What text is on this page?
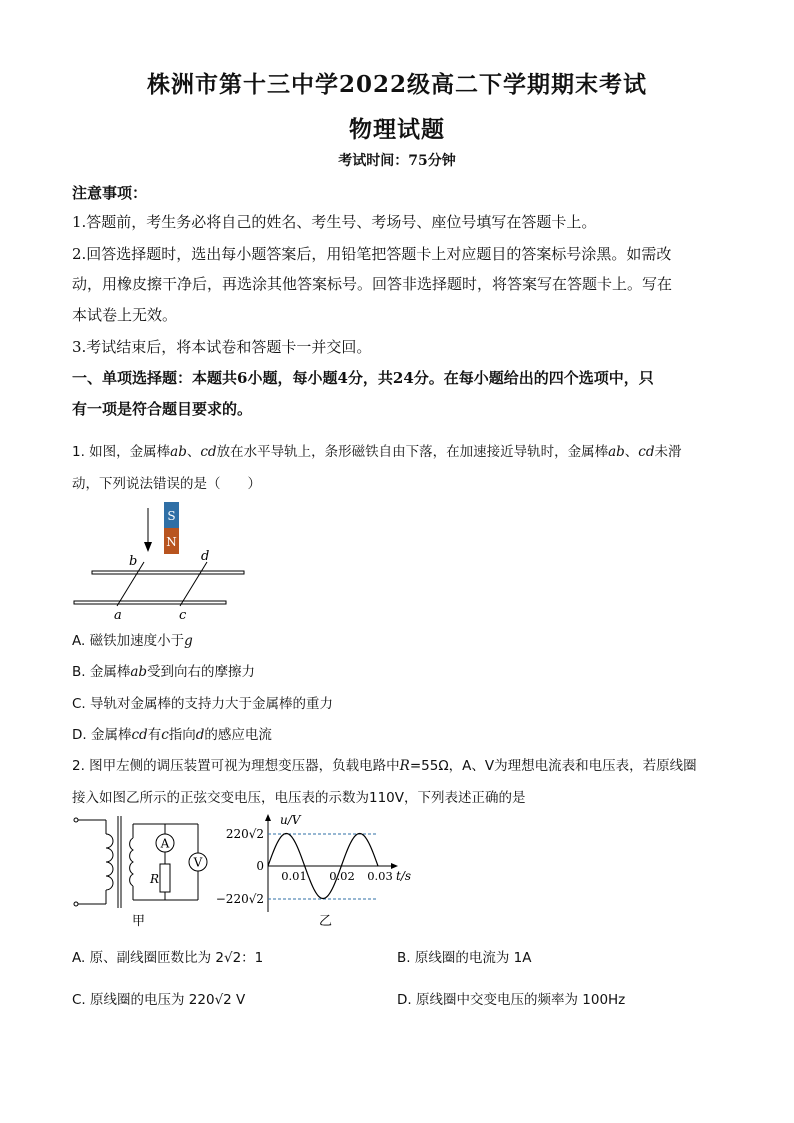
株洲市第十三中学2022级高二下学期期末考试
物理试题
考试时间：75分钟
注意事项：
1.答题前，考生务必将自己的姓名、考生号、考场号、座位号填写在答题卡上。
2.回答选择题时，选出每小题答案后，用铅笔把答题卡上对应题目的答案标号涂黑。如需改
动，用橡皮擦干净后，再选涂其他答案标号。回答非选择题时，将答案写在答题卡上。写在
本试卷上无效。
3.考试结束后，将本试卷和答题卡一并交回。
一、单项选择题：本题共6小题，每小题4分，共24分。在每小题给出的四个选项中，只
有一项是符合题目要求的。
1. 如图，金属棒ab、cd放在水平导轨上，条形磁铁自由下落，在加速接近导轨时，金属棒ab、cd未滑
动，下列说法错误的是（　　）
S
N
b	d
a	c
A. 磁铁加速度小于g
B. 金属棒ab受到向右的摩擦力
C. 导轨对金属棒的支持力大于金属棒的重力
D. 金属棒cd有c指向d的感应电流
2. 图甲左侧的调压装置可视为理想变压器，负载电路中R=55Ω，A、V为理想电流表和电压表，若原线圈
接入如图乙所示的正弦交变电压，电压表的示数为110V，下列表述正确的是
A
V
R
甲
u/V
t/s
220√2
0
−220√2
0.01 0.02 0.03
乙
A. 原、副线圈匝数比为 2√2：1	B. 原线圈的电流为 1A
C. 原线圈的电压为 220√2 V	D. 原线圈中交变电压的频率为 100Hz
